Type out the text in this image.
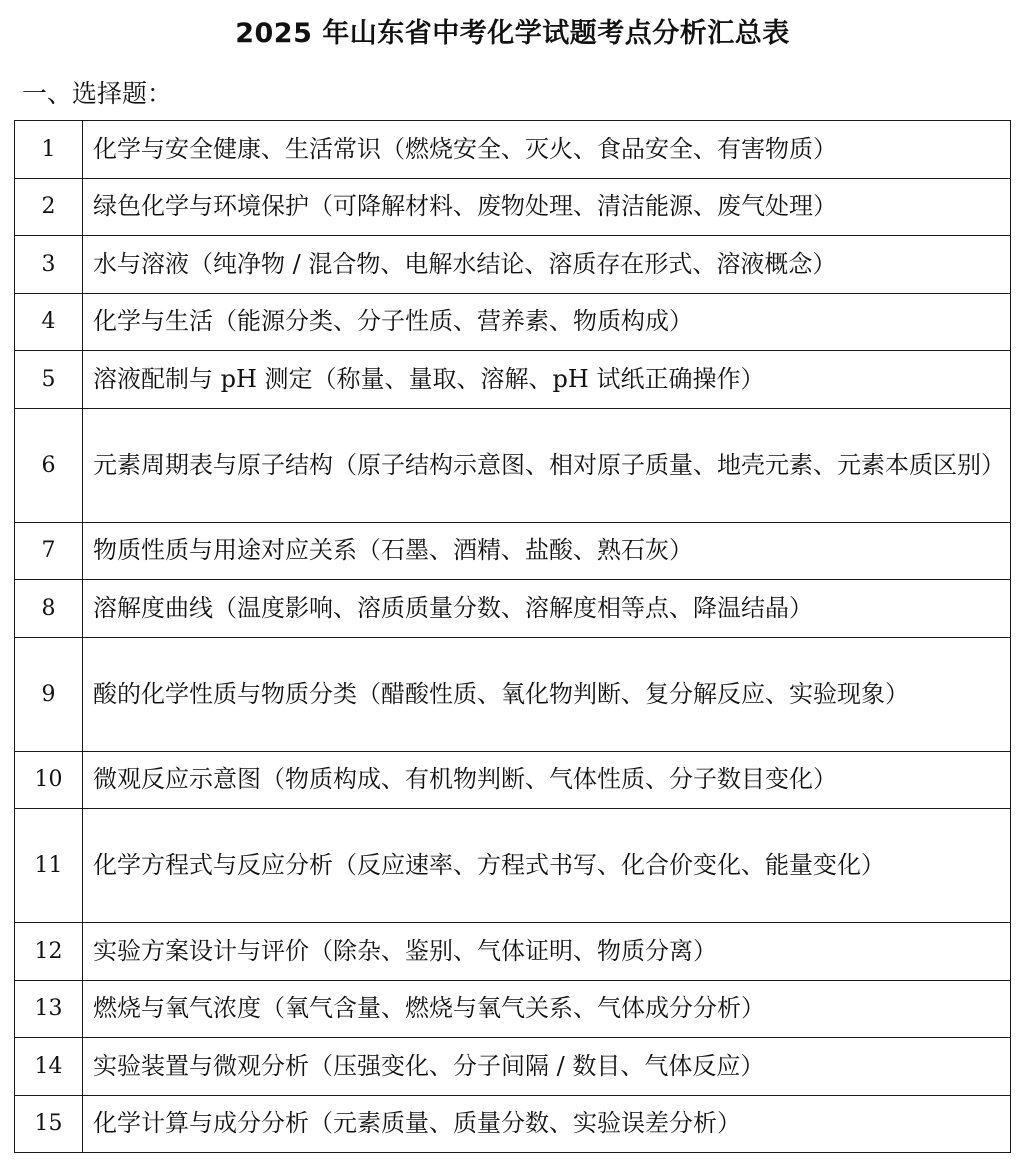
2025 年山东省中考化学试题考点分析汇总表
一、选择题：
1	化学与安全健康、生活常识（燃烧安全、灭火、食品安全、有害物质）
2	绿色化学与环境保护（可降解材料、废物处理、清洁能源、废气处理）
3	水与溶液（纯净物 / 混合物、电解水结论、溶质存在形式、溶液概念）
4	化学与生活（能源分类、分子性质、营养素、物质构成）
5	溶液配制与 pH 测定（称量、量取、溶解、pH 试纸正确操作）
6	元素周期表与原子结构（原子结构示意图、相对原子质量、地壳元素、元素本质区别）
7	物质性质与用途对应关系（石墨、酒精、盐酸、熟石灰）
8	溶解度曲线（温度影响、溶质质量分数、溶解度相等点、降温结晶）
9	酸的化学性质与物质分类（醋酸性质、氧化物判断、复分解反应、实验现象）
10	微观反应示意图（物质构成、有机物判断、气体性质、分子数目变化）
11	化学方程式与反应分析（反应速率、方程式书写、化合价变化、能量变化）
12	实验方案设计与评价（除杂、鉴别、气体证明、物质分离）
13	燃烧与氧气浓度（氧气含量、燃烧与氧气关系、气体成分分析）
14	实验装置与微观分析（压强变化、分子间隔 / 数目、气体反应）
15	化学计算与成分分析（元素质量、质量分数、实验误差分析）
